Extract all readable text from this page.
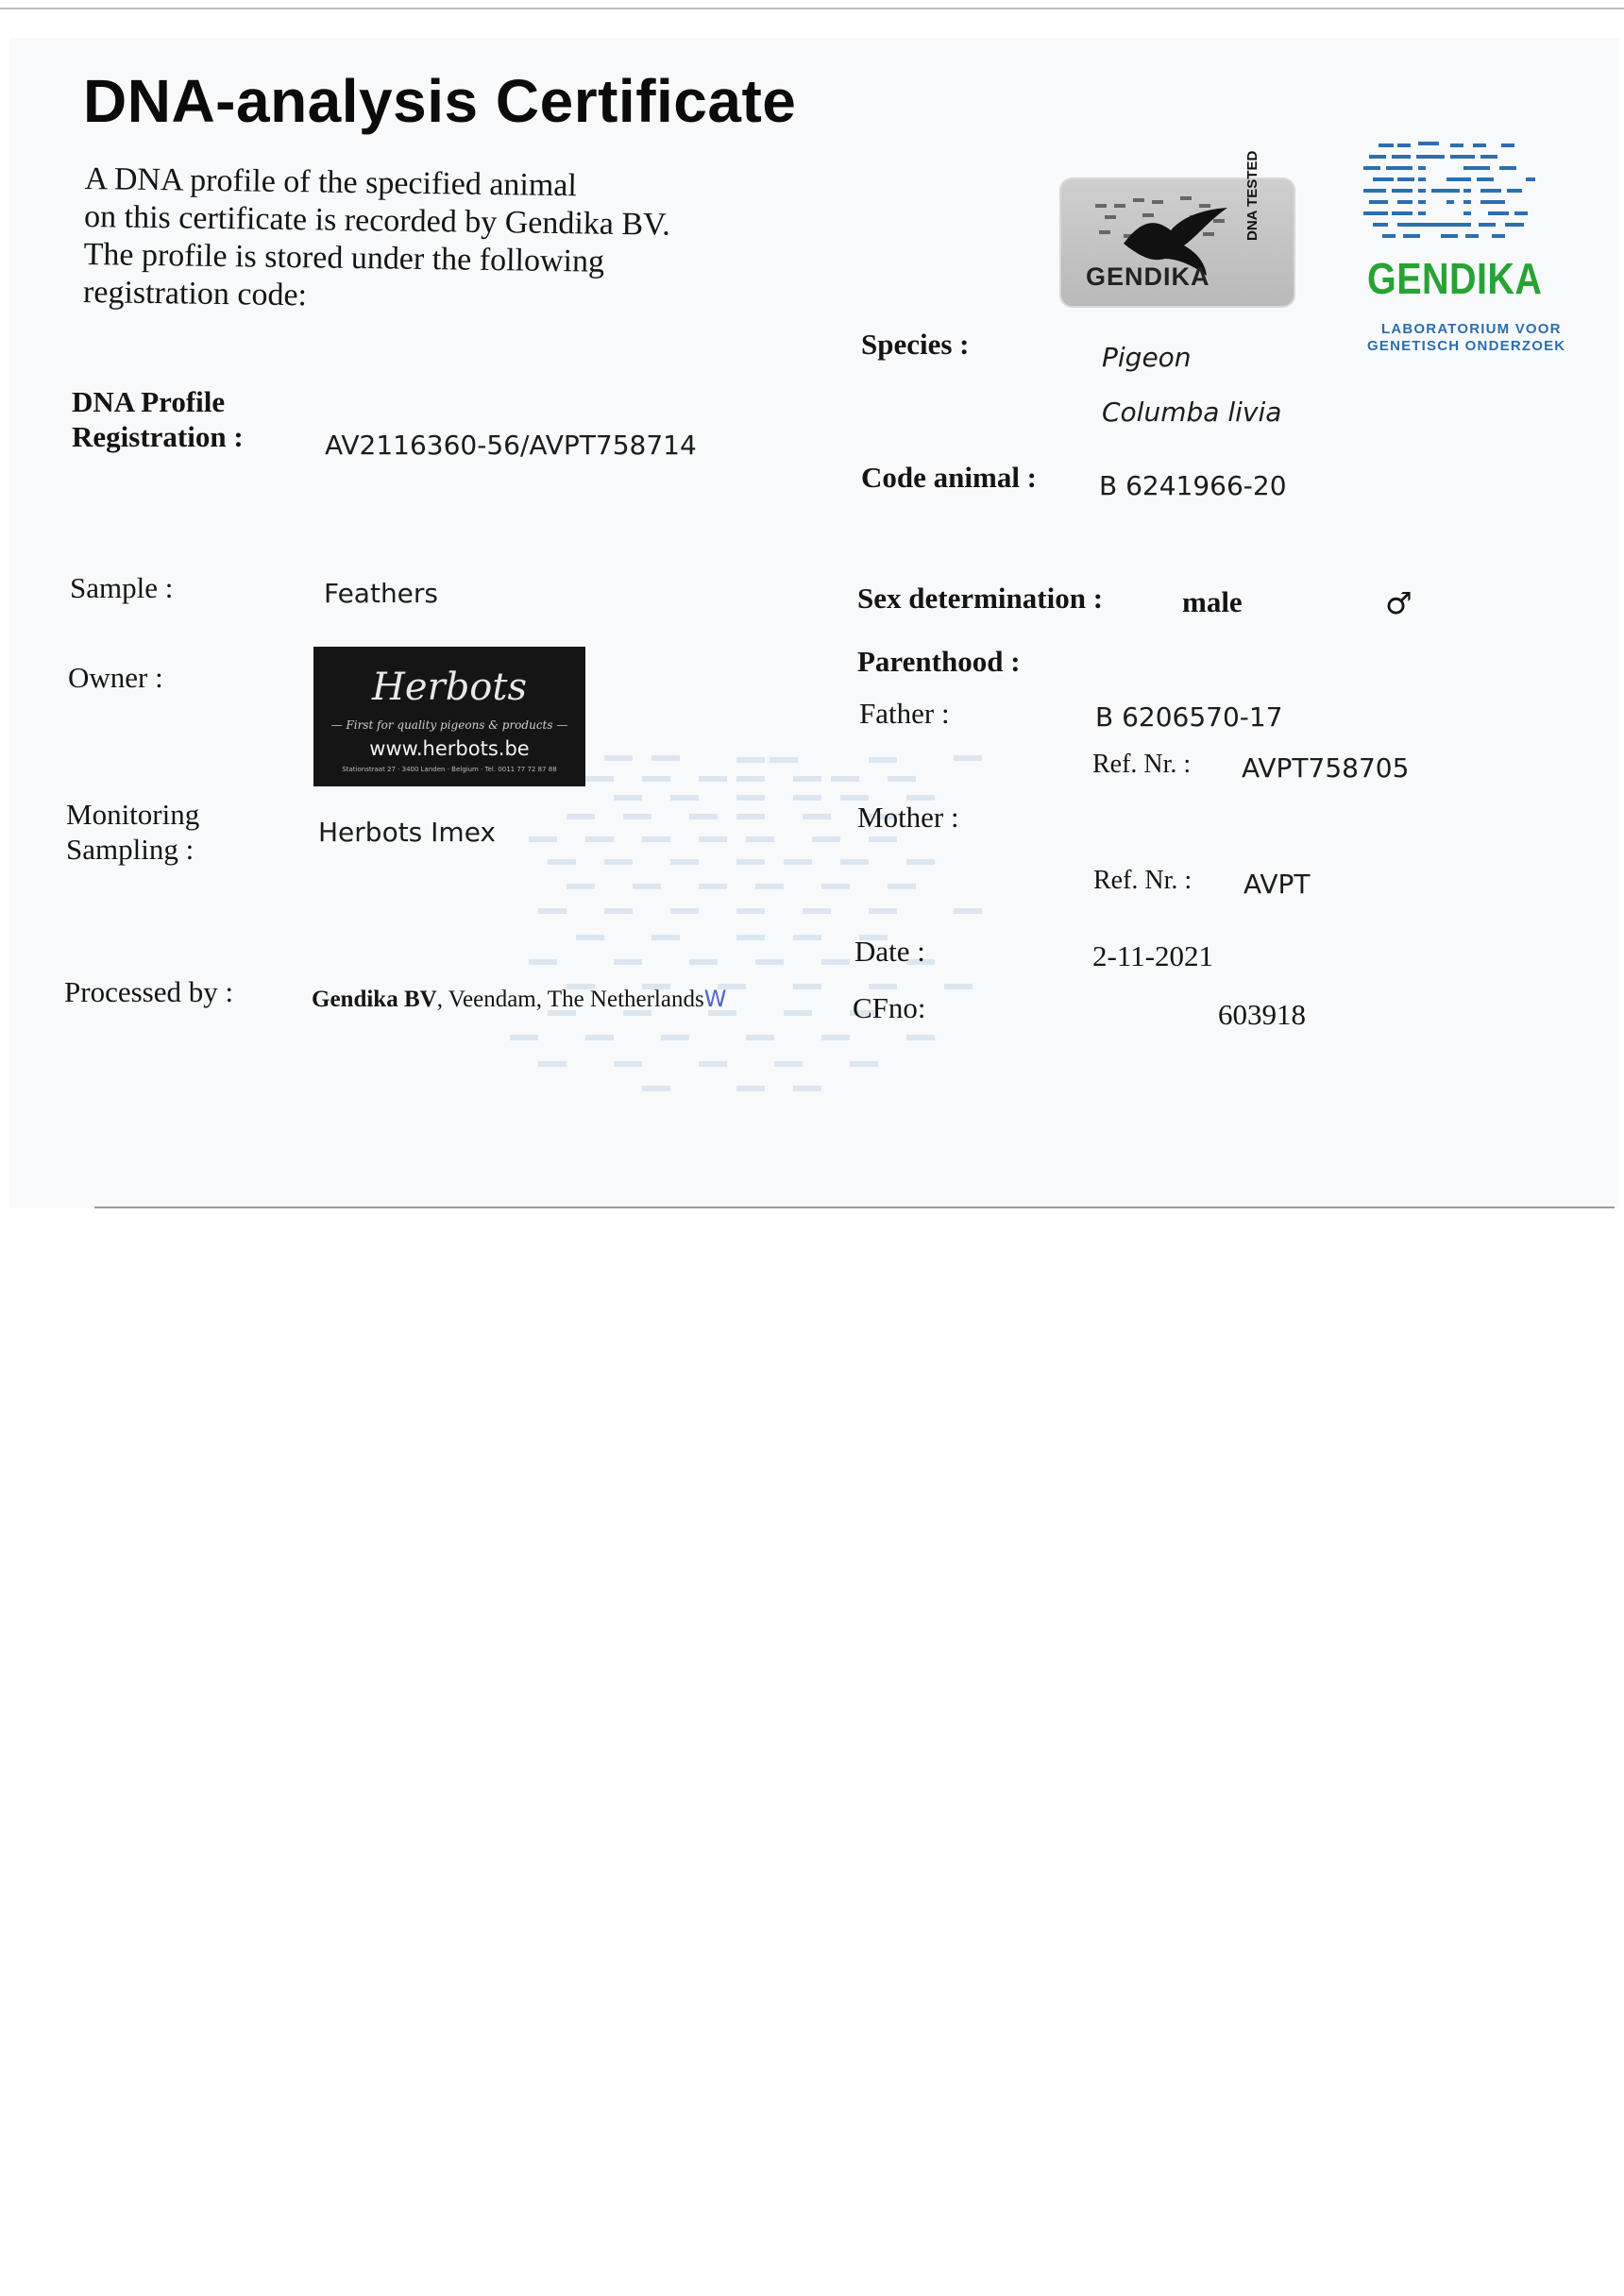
DNA-analysis Certificate
A DNA profile of the specified animal
on this certificate is recorded by Gendika BV.
The profile is stored under the following
registration code:	GENDIKA
DNA TESTED
GENDIKA
LABORATORIUM VOOR
GENETISCH ONDERZOEK
DNA Profile
Registration :	AV2116360-56/AVPT758714
Sample :	Feathers
Owner :	Herbots
— First for quality pigeons & products —
www.herbots.be
Stationstraat 27 · 3400 Landen · Belgium · Tel. 0011 77 72 87 88
Monitoring
Sampling :
Herbots Imex
Processed by :	Gendika BV, Veendam, The NetherlandsW
Species :	Pigeon
Columba livia
Code animal : B 6241966-20
Sex determination :	male	♂
Parenthood :
Father :	B 6206570-17
Ref. Nr. : AVPT758705
Mother :
Ref. Nr. : AVPT
Date :	2-11-2021
CFno:	603918
